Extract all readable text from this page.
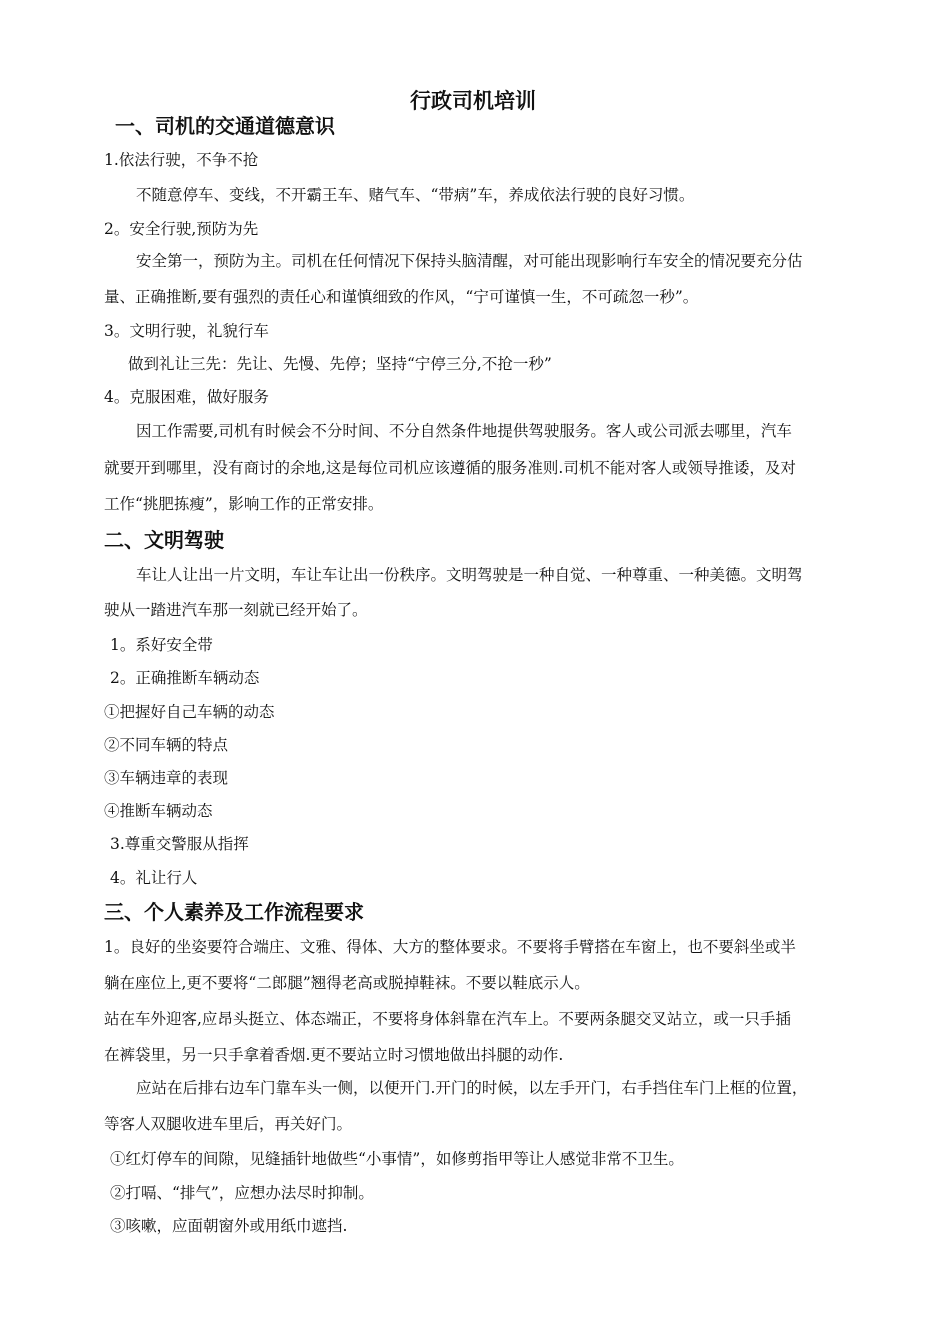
行政司机培训
一、司机的交通道德意识
1.依法行驶，不争不抢
不随意停车、变线，不开霸王车、赌气车、“带病”车，养成依法行驶的良好习惯。
2。安全行驶,预防为先
安全第一，预防为主。司机在任何情况下保持头脑清醒，对可能出现影响行车安全的情况要充分估
量、正确推断,要有强烈的责任心和谨慎细致的作风，“宁可谨慎一生，不可疏忽一秒”。
3。文明行驶，礼貌行车
做到礼让三先：先让、先慢、先停；坚持“宁停三分,不抢一秒”
4。克服困难，做好服务
因工作需要,司机有时候会不分时间、不分自然条件地提供驾驶服务。客人或公司派去哪里，汽车
就要开到哪里，没有商讨的余地,这是每位司机应该遵循的服务准则.司机不能对客人或领导推诿，及对
工作“挑肥拣瘦”，影响工作的正常安排。
二、文明驾驶
车让人让出一片文明，车让车让出一份秩序。文明驾驶是一种自觉、一种尊重、一种美德。文明驾
驶从一踏进汽车那一刻就已经开始了。
1。系好安全带
2。正确推断车辆动态
①把握好自己车辆的动态
②不同车辆的特点
③车辆违章的表现
④推断车辆动态
3.尊重交警服从指挥
4。礼让行人
三、个人素养及工作流程要求
1。良好的坐姿要符合端庄、文雅、得体、大方的整体要求。不要将手臂搭在车窗上，也不要斜坐或半
躺在座位上,更不要将“二郎腿”翘得老高或脱掉鞋袜。不要以鞋底示人。
站在车外迎客,应昂头挺立、体态端正，不要将身体斜靠在汽车上。不要两条腿交叉站立，或一只手插
在裤袋里，另一只手拿着香烟.更不要站立时习惯地做出抖腿的动作.
应站在后排右边车门靠车头一侧，以便开门.开门的时候，以左手开门，右手挡住车门上框的位置，
等客人双腿收进车里后，再关好门。
①红灯停车的间隙，见缝插针地做些“小事情”，如修剪指甲等让人感觉非常不卫生。
②打嗝、“排气”，应想办法尽时抑制。
③咳嗽，应面朝窗外或用纸巾遮挡.
